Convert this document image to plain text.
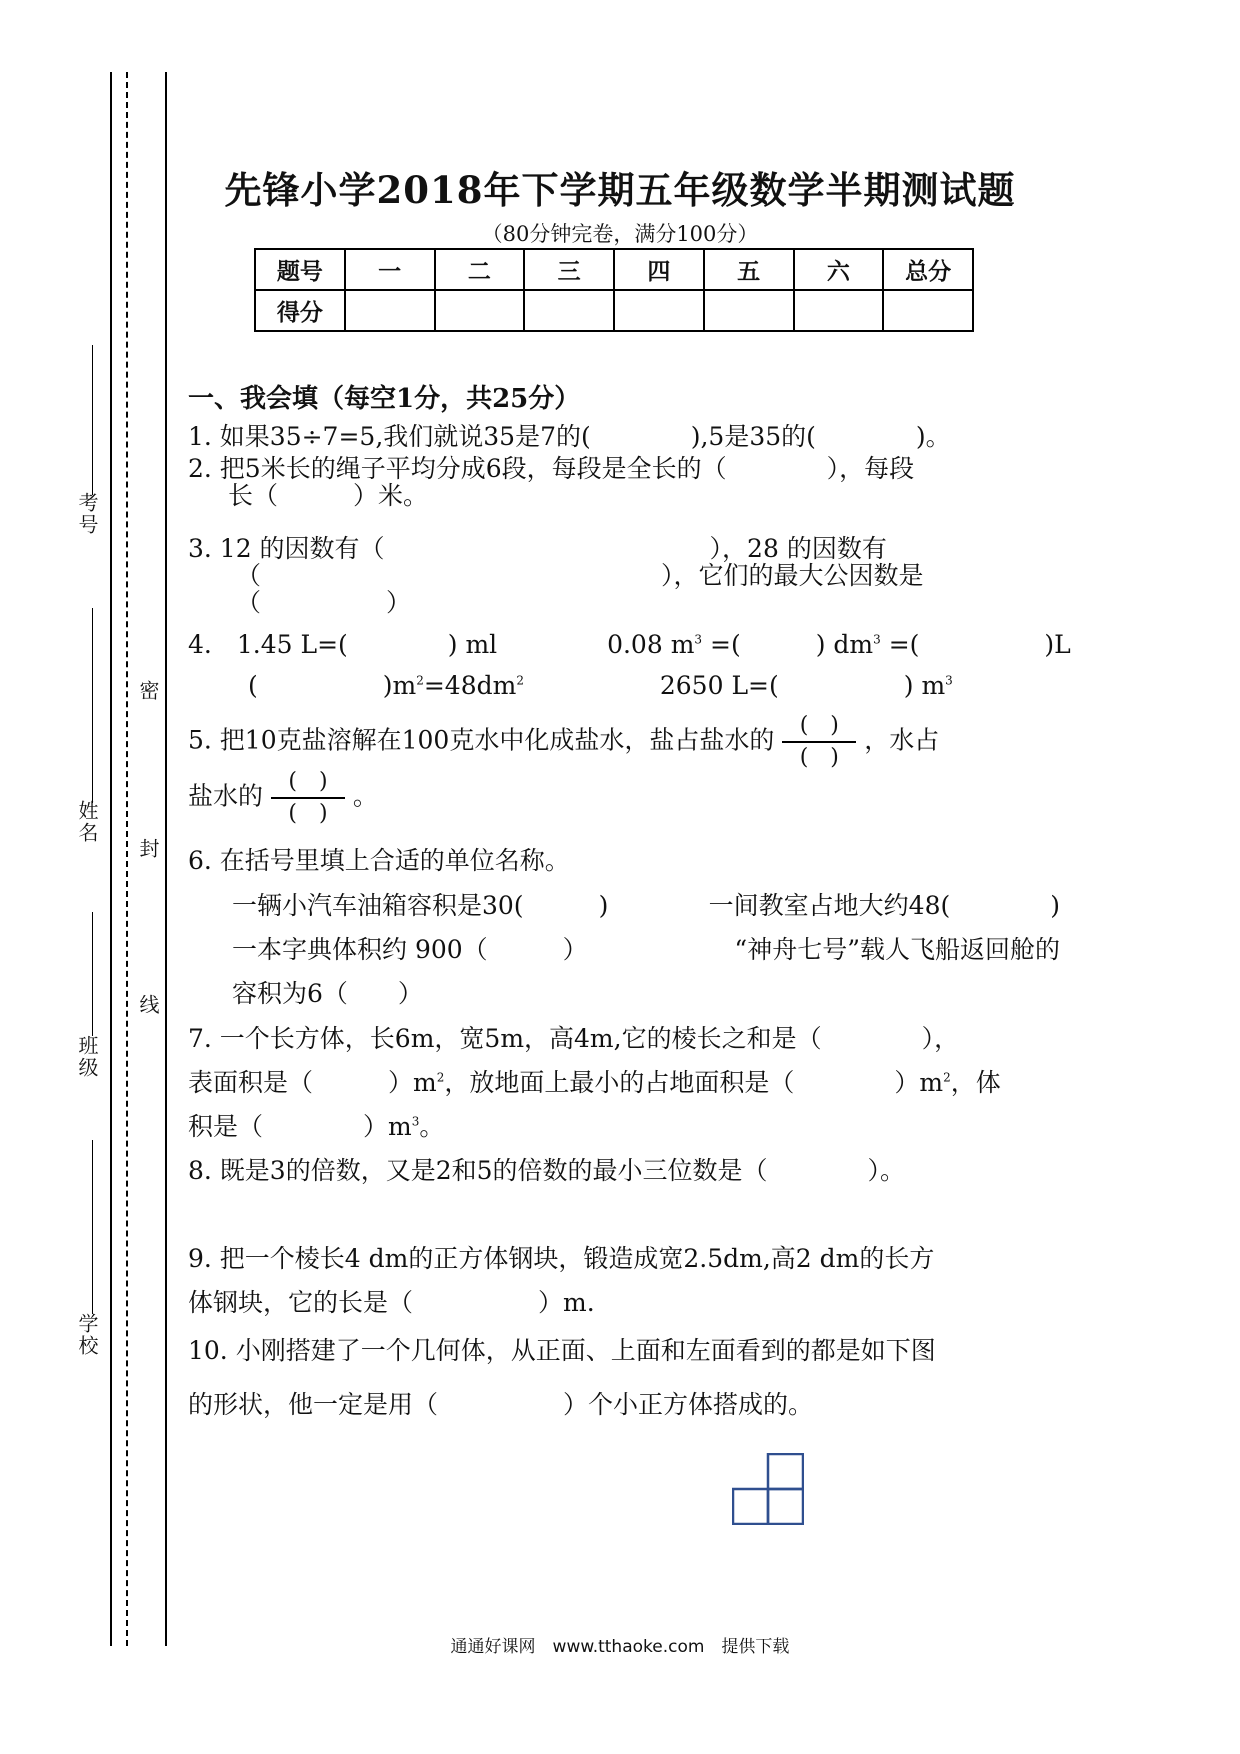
考号
姓名
班级
学校
密
封
线
先锋小学2018年下学期五年级数学半期测试题
（80分钟完卷，满分100分）
题号	一	二	三	四	五	六	总分
得分							
一、我会填（每空1分，共25分）
1. 如果35÷7=5,我们就说35是7的(　　　　),5是35的(　　　　)。
2. 把5米长的绳子平均分成6段，每段是全长的（　　　　），每段
长（　　　）米。
3. 12 的因数有（　　　　　　　　　　　　　），28 的因数有
（　　　　　　　　　　　　　　　　），它们的最大公因数是
（　　　　　）
4.　1.45 L=(　　　　) ml	0.08 $m^3$ =(　　　) $dm^3$ =(　　　　　)L
(　　　　　)$m^2=48dm^2$	2650 L=(　　　　　) $m^3$
5. 把10克盐溶解在100克水中化成盐水，盐占盐水的 $\frac{( )}{( )}$ ，水占
盐水的 $\frac{( )}{( )}$ 。
6. 在括号里填上合适的单位名称。
一辆小汽车油箱容积是30(　　　)	一间教室占地大约48(　　　　)
一本字典体积约 900（　　　）	“神舟七号”载人飞船返回舱的
容积为6（　　）
7. 一个长方体，长6m，宽5m，高4m,它的棱长之和是（　　　　），
表面积是（　　　）$m^2$，放地面上最小的占地面积是（　　　　）$m^2$，体
积是（　　　　）$m^3$。
8. 既是3的倍数，又是2和5的倍数的最小三位数是（　　　　）。
9. 把一个棱长4 dm的正方体钢块，锻造成宽2.5dm,高2 dm的长方
体钢块，它的长是（　　　　　）m.
10. 小刚搭建了一个几何体，从正面、上面和左面看到的都是如下图
的形状，他一定是用（　　　　　）个小正方体搭成的。
通通好课网　www.tthaoke.com　提供下载
